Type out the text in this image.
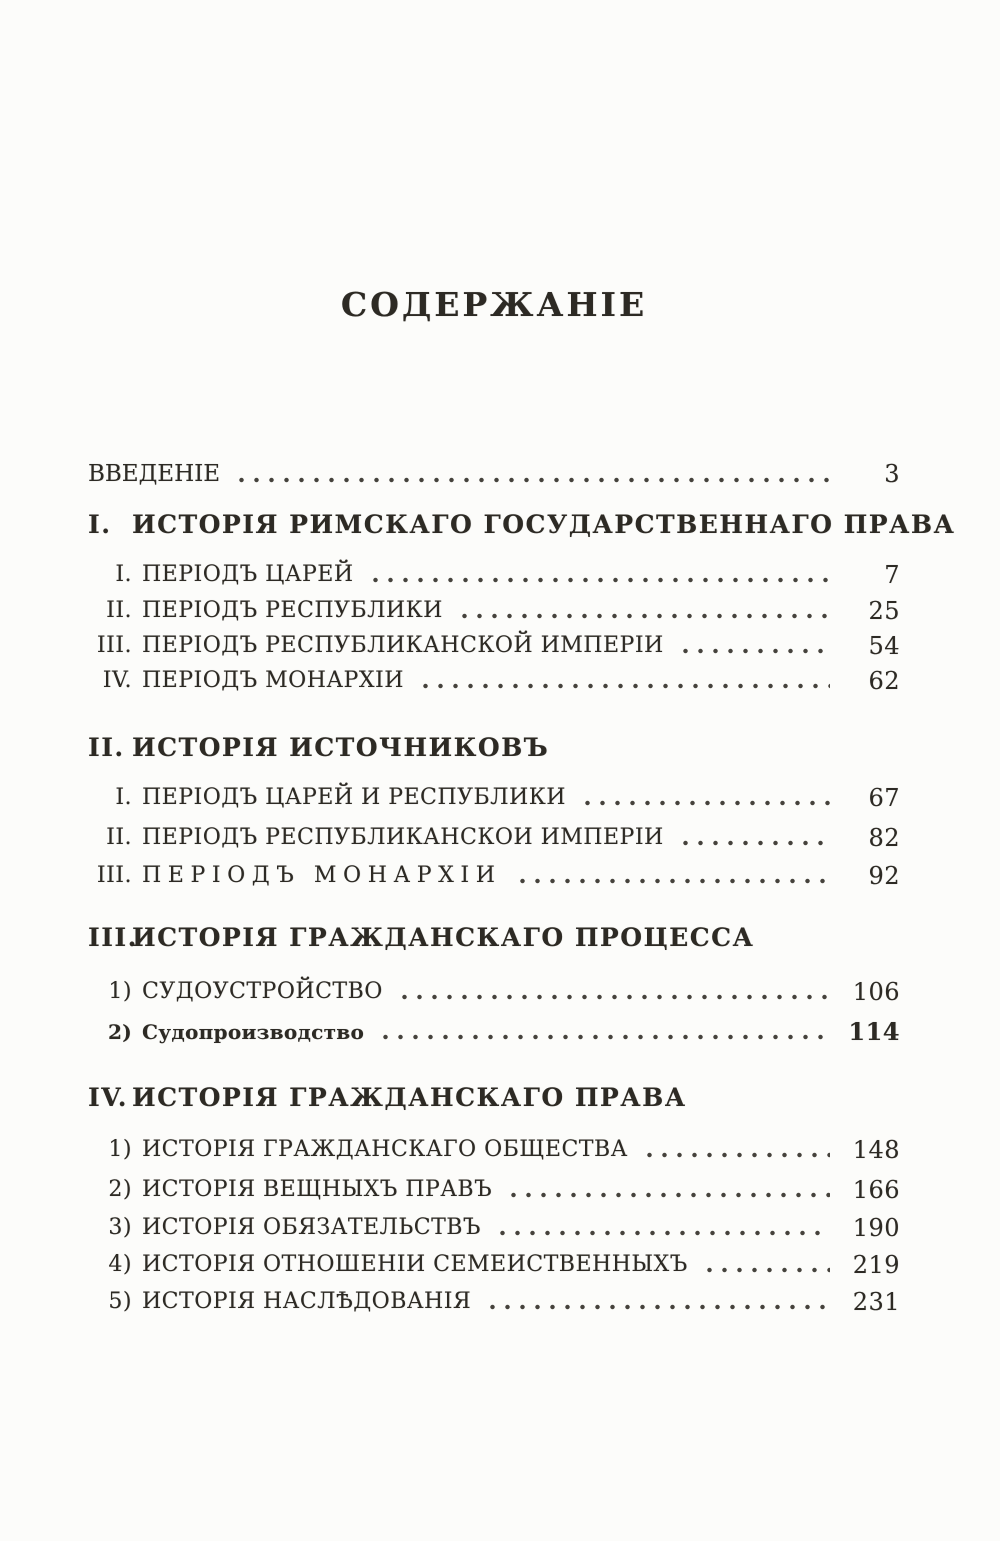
СОДЕРЖАНІЕ
ВВЕДЕНІЕ	3
I. ИСТОРІЯ РИМСКАГО ГОСУДАРСТВЕННАГО ПРАВА
I. ПЕРІОДЪ ЦАРЕЙ	7
II. ПЕРІОДЪ РЕСПУБЛИКИ	25
III. ПЕРІОДЪ РЕСПУБЛИКАНСКОЙ ИМПЕРІИ	54
IV. ПЕРІОДЪ МОНАРХІИ	62
II. ИСТОРІЯ ИСТОЧНИКОВЪ
I. ПЕРІОДЪ ЦАРЕЙ И РЕСПУБЛИКИ	67
II. ПЕРІОДЪ РЕСПУБЛИКАНСКОИ ИМПЕРІИ	82
III. ПЕРІОДЪ МОНАРХІИ	92
III.
ИСТОРІЯ ГРАЖДАНСКАГО ПРОЦЕССА
1) СУДОУСТРОЙСТВО	106
2) Судопроизводство	114
IV. ИСТОРІЯ ГРАЖДАНСКАГО ПРАВА
1) ИСТОРІЯ ГРАЖДАНСКАГО ОБЩЕСТВА	148
2) ИСТОРІЯ ВЕЩНЫХЪ ПРАВЪ	166
3) ИСТОРІЯ ОБЯЗАТЕЛЬСТВЪ	190
4) ИСТОРІЯ ОТНОШЕНІИ СЕМЕИСТВЕННЫХЪ	219
5) ИСТОРІЯ НАСЛѢДОВАНІЯ	231
